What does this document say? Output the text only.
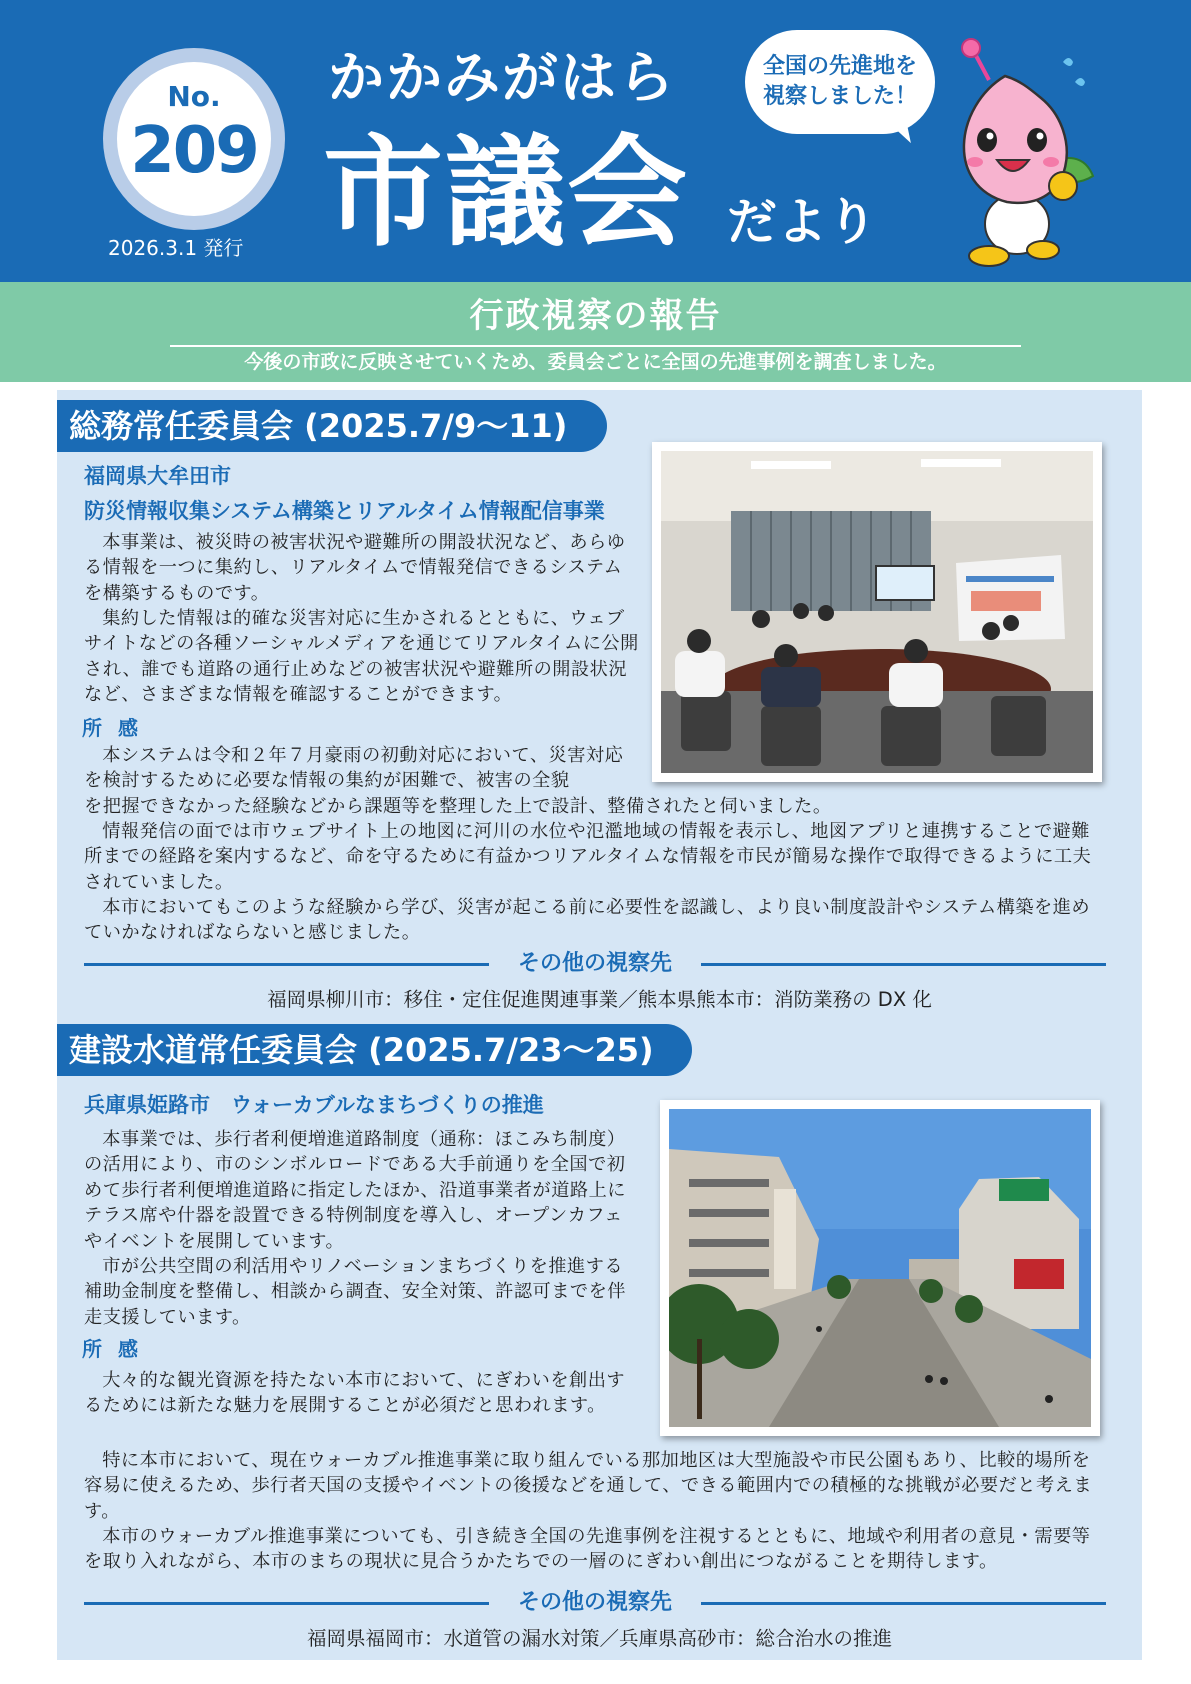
No.
209
2026.3.1 発行
かかみがはら
市議会 だより
全国の先進地を
視察しました！
行政視察の報告
今後の市政に反映させていくため、委員会ごとに全国の先進事例を調査しました。
総務常任委員会 (2025.7/9～11)
福岡県大牟田市
防災情報収集システム構築とリアルタイム情報配信事業
本事業は、被災時の被害状況や避難所の開設状況など、あらゆる情報を一つに集約し、リアルタイムで情報発信できるシステムを構築するものです。
集約した情報は的確な災害対応に生かされるとともに、ウェブサイトなどの各種ソーシャルメディアを通じてリアルタイムに公開され、誰でも道路の通行止めなどの被害状況や避難所の開設状況など、さまざまな情報を確認することができます。
所感
本システムは令和２年７月豪雨の初動対応において、災害対応を検討するために必要な情報の集約が困難で、被害の全貌
を把握できなかった経験などから課題等を整理した上で設計、整備されたと伺いました。
情報発信の面では市ウェブサイト上の地図に河川の水位や氾濫地域の情報を表示し、地図アプリと連携することで避難所までの経路を案内するなど、命を守るために有益かつリアルタイムな情報を市民が簡易な操作で取得できるように工夫されていました。
本市においてもこのような経験から学び、災害が起こる前に必要性を認識し、より良い制度設計やシステム構築を進めていかなければならないと感じました。
その他の視察先
福岡県柳川市：移住・定住促進関連事業／熊本県熊本市：消防業務の DX 化
建設水道常任委員会 (2025.7/23～25)
兵庫県姫路市　ウォーカブルなまちづくりの推進
本事業では、歩行者利便増進道路制度（通称：ほこみち制度）の活用により、市のシンボルロードである大手前通りを全国で初めて歩行者利便増進道路に指定したほか、沿道事業者が道路上にテラス席や什器を設置できる特例制度を導入し、オープンカフェやイベントを展開しています。
市が公共空間の利活用やリノベーションまちづくりを推進する補助金制度を整備し、相談から調査、安全対策、許認可までを伴走支援しています。
所感
大々的な観光資源を持たない本市において、にぎわいを創出するためには新たな魅力を展開することが必須だと思われます。
特に本市において、現在ウォーカブル推進事業に取り組んでいる那加地区は大型施設や市民公園もあり、比較的場所を容易に使えるため、歩行者天国の支援やイベントの後援などを通して、できる範囲内での積極的な挑戦が必要だと考えます。
本市のウォーカブル推進事業についても、引き続き全国の先進事例を注視するとともに、地域や利用者の意見・需要等を取り入れながら、本市のまちの現状に見合うかたちでの一層のにぎわい創出につながることを期待します。
その他の視察先
福岡県福岡市：水道管の漏水対策／兵庫県高砂市：総合治水の推進
